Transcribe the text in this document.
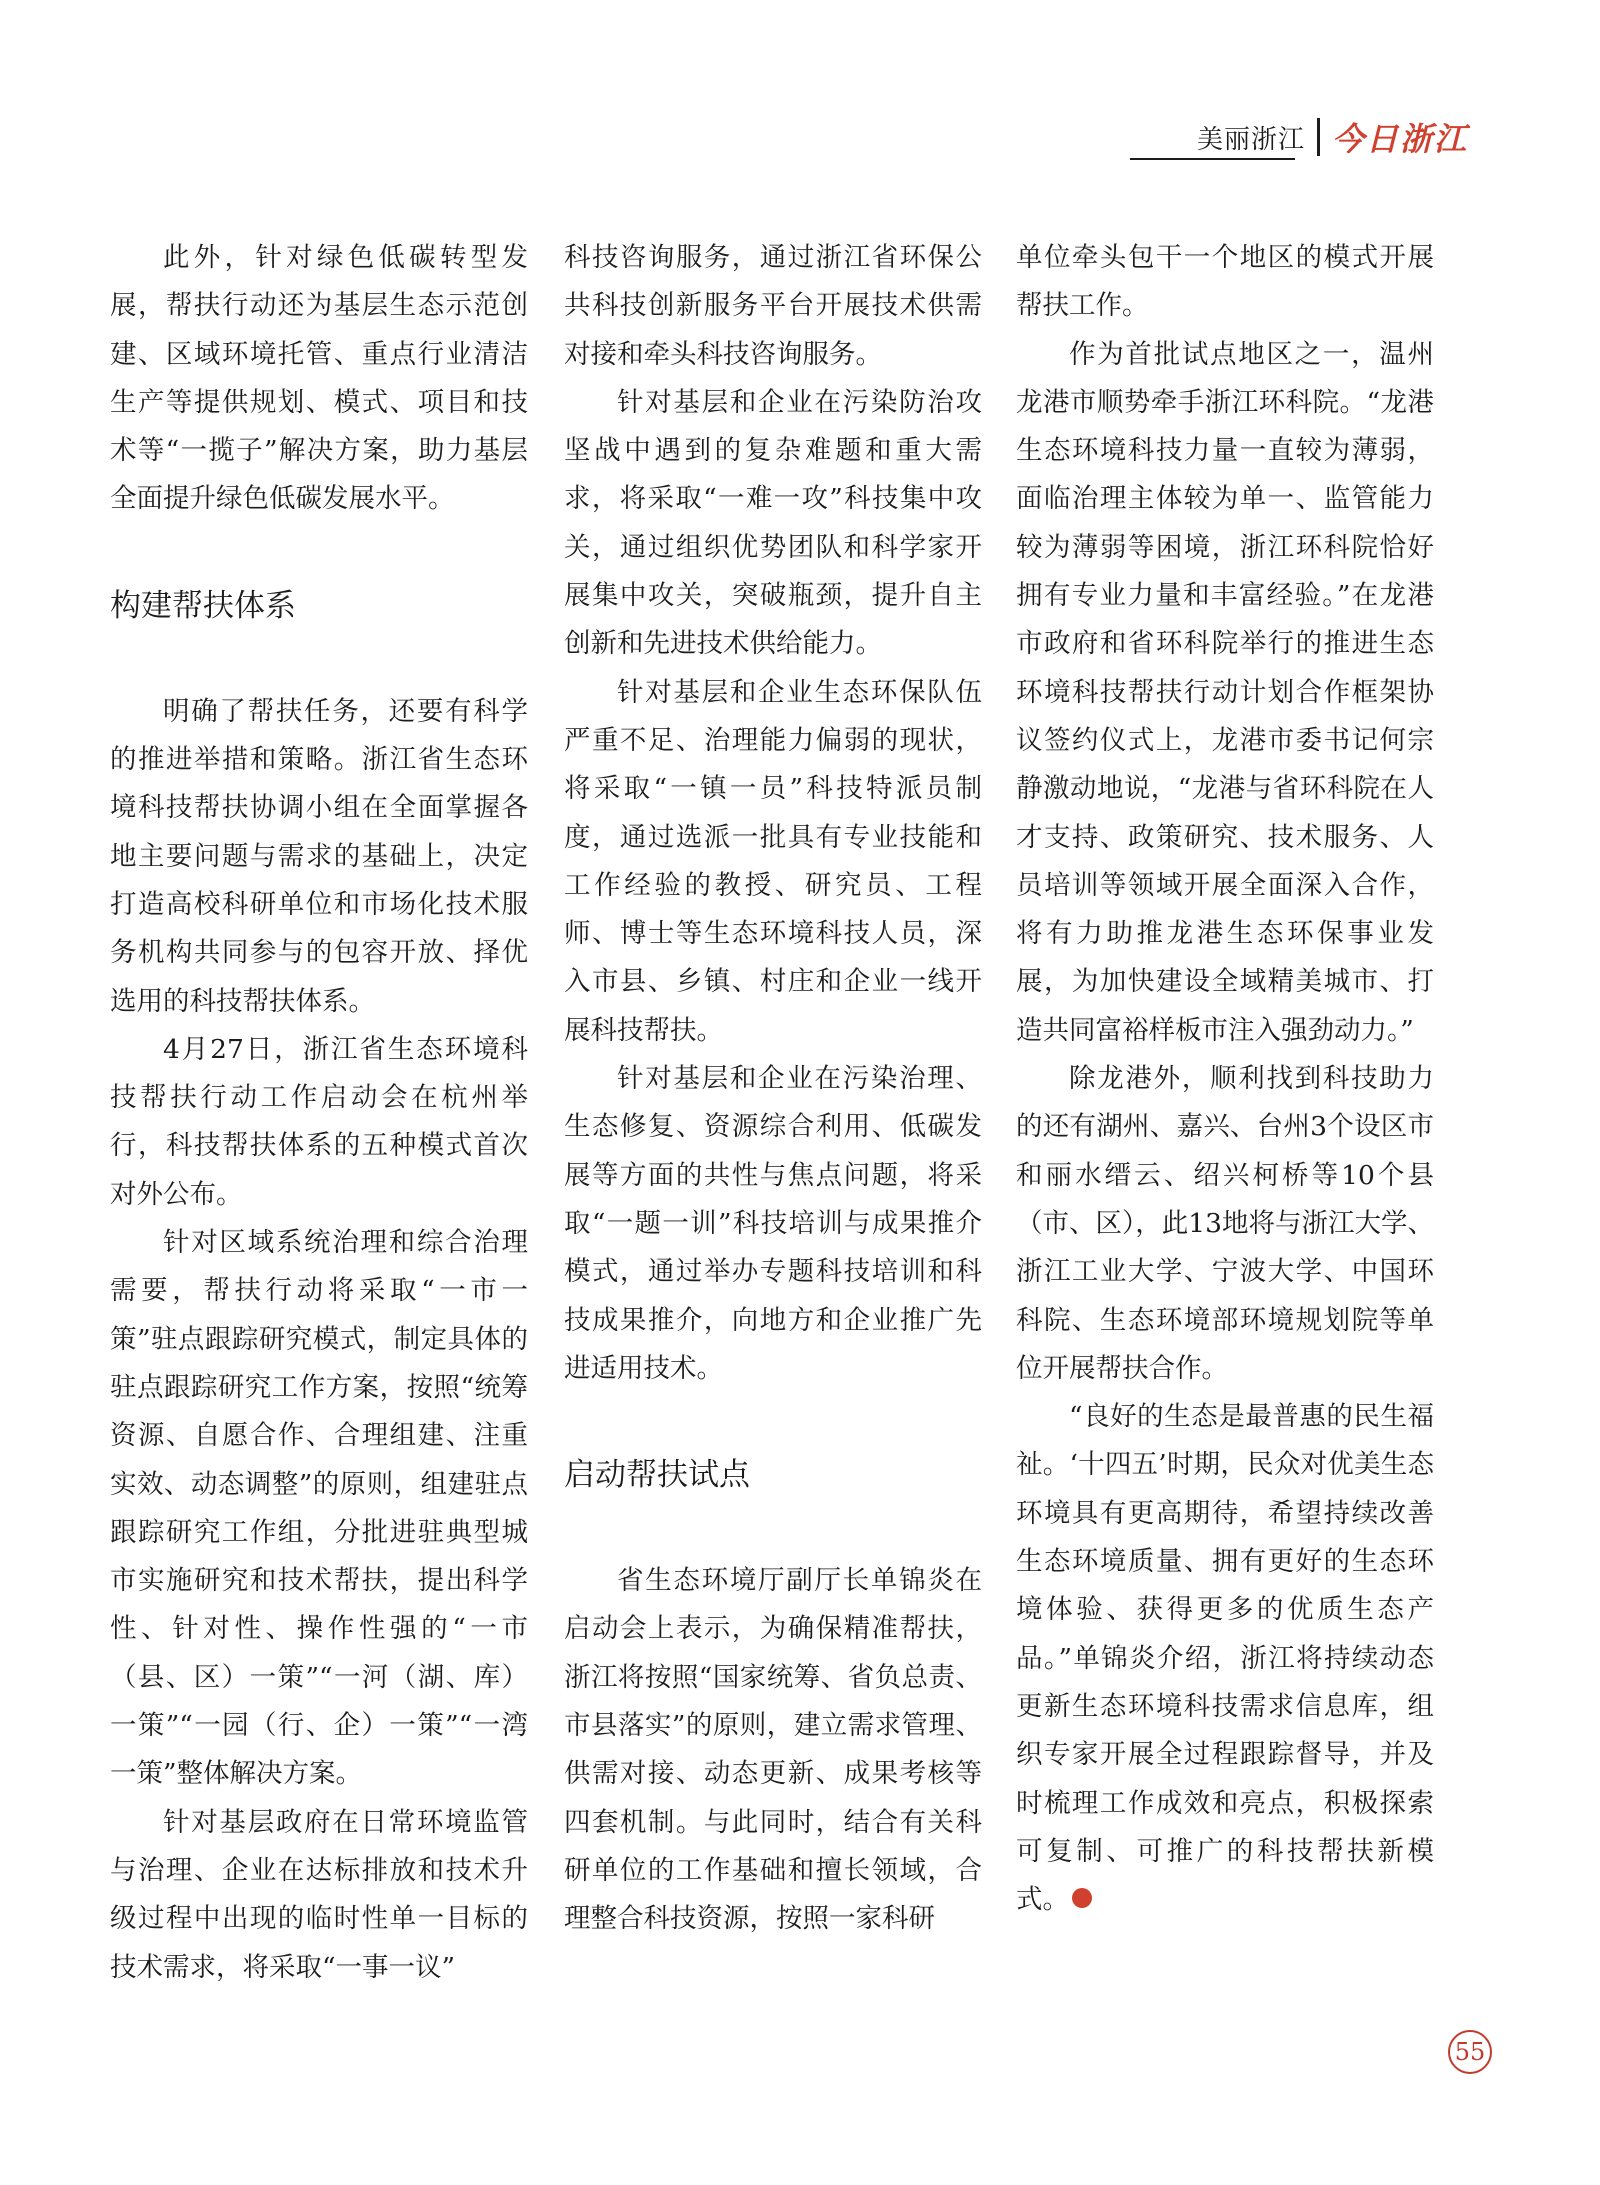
美丽浙江 今日浙江

此外，针对绿色低碳转型发展，帮扶行动还为基层生态示范创建、区域环境托管、重点行业清洁生产等提供规划、模式、项目和技术等“一揽子”解决方案，助力基层全面提升绿色低碳发展水平。

构建帮扶体系

明确了帮扶任务，还要有科学的推进举措和策略。浙江省生态环境科技帮扶协调小组在全面掌握各地主要问题与需求的基础上，决定打造高校科研单位和市场化技术服务机构共同参与的包容开放、择优选用的科技帮扶体系。

4月27日，浙江省生态环境科技帮扶行动工作启动会在杭州举行，科技帮扶体系的五种模式首次对外公布。

针对区域系统治理和综合治理需要，帮扶行动将采取“一市一策”驻点跟踪研究模式，制定具体的驻点跟踪研究工作方案，按照“统筹资源、自愿合作、合理组建、注重实效、动态调整”的原则，组建驻点跟踪研究工作组，分批进驻典型城市实施研究和技术帮扶，提出科学性、针对性、操作性强的“一市（县、区）一策”“一河（湖、库）一策”“一园（行、企）一策”“一湾一策”整体解决方案。

针对基层政府在日常环境监管与治理、企业在达标排放和技术升级过程中出现的临时性单一目标的技术需求，将采取“一事一议”

科技咨询服务，通过浙江省环保公共科技创新服务平台开展技术供需对接和牵头科技咨询服务。

针对基层和企业在污染防治攻坚战中遇到的复杂难题和重大需求，将采取“一难一攻”科技集中攻关，通过组织优势团队和科学家开展集中攻关，突破瓶颈，提升自主创新和先进技术供给能力。

针对基层和企业生态环保队伍严重不足、治理能力偏弱的现状，将采取“一镇一员”科技特派员制度，通过选派一批具有专业技能和工作经验的教授、研究员、工程师、博士等生态环境科技人员，深入市县、乡镇、村庄和企业一线开展科技帮扶。

针对基层和企业在污染治理、生态修复、资源综合利用、低碳发展等方面的共性与焦点问题，将采取“一题一训”科技培训与成果推介模式，通过举办专题科技培训和科技成果推介，向地方和企业推广先进适用技术。

启动帮扶试点

省生态环境厅副厅长单锦炎在启动会上表示，为确保精准帮扶，浙江将按照“国家统筹、省负总责、市县落实”的原则，建立需求管理、供需对接、动态更新、成果考核等四套机制。与此同时，结合有关科研单位的工作基础和擅长领域，合理整合科技资源，按照一家科研

单位牵头包干一个地区的模式开展帮扶工作。

作为首批试点地区之一，温州龙港市顺势牵手浙江环科院。“龙港生态环境科技力量一直较为薄弱，面临治理主体较为单一、监管能力较为薄弱等困境，浙江环科院恰好拥有专业力量和丰富经验。”在龙港市政府和省环科院举行的推进生态环境科技帮扶行动计划合作框架协议签约仪式上，龙港市委书记何宗静激动地说，“龙港与省环科院在人才支持、政策研究、技术服务、人员培训等领域开展全面深入合作，将有力助推龙港生态环保事业发展，为加快建设全域精美城市、打造共同富裕样板市注入强劲动力。”

除龙港外，顺利找到科技助力的还有湖州、嘉兴、台州3个设区市和丽水缙云、绍兴柯桥等10个县（市、区），此13地将与浙江大学、浙江工业大学、宁波大学、中国环科院、生态环境部环境规划院等单位开展帮扶合作。

“良好的生态是最普惠的民生福祉。‘十四五’时期，民众对优美生态环境具有更高期待，希望持续改善生态环境质量、拥有更好的生态环境体验、获得更多的优质生态产品。”单锦炎介绍，浙江将持续动态更新生态环境科技需求信息库，组织专家开展全过程跟踪督导，并及时梳理工作成效和亮点，积极探索可复制、可推广的科技帮扶新模式。

55
